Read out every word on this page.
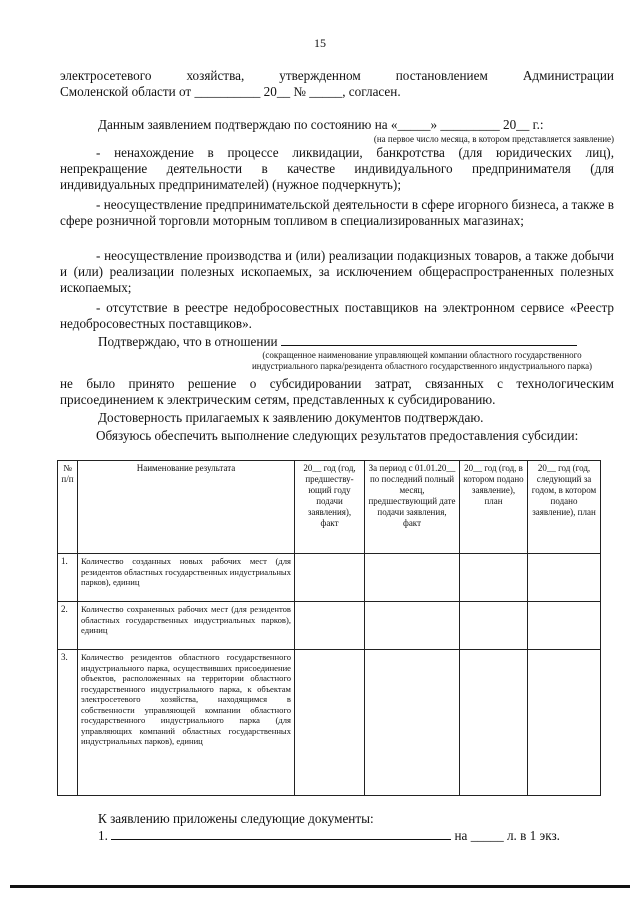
15
электросетевого хозяйства, утвержденном постановлением Администрации
Смоленской области от __________ 20__ № _____, согласен.
Данным заявлением подтверждаю по состоянию на «_____» _________ 20__ г.:
(на первое число месяца, в котором представляется заявление)
- ненахождение в процессе ликвидации, банкротства (для юридических лиц), непрекращение деятельности в качестве индивидуального предпринимателя (для индивидуальных предпринимателей) (нужное подчеркнуть);
- неосуществление предпринимательской деятельности в сфере игорного бизнеса, а также в сфере розничной торговли моторным топливом в специализированных магазинах;
- неосуществление производства и (или) реализации подакцизных товаров, а также добычи и (или) реализации полезных ископаемых, за исключением общераспространенных полезных ископаемых;
- отсутствие в реестре недобросовестных поставщиков на электронном сервисе «Реестр недобросовестных поставщиков».
Подтверждаю, что в отношении
(сокращенное наименование управляющей компании областного государственного индустриального парка/резидента областного государственного индустриального парка)
не было принято решение о субсидировании затрат, связанных с технологическим присоединением к электрическим сетям, представленных к субсидированию.
Достоверность прилагаемых к заявлению документов подтверждаю.
Обязуюсь обеспечить выполнение следующих результатов предоставления субсидии:
№ п/п	Наименование результата	20__ год (год, предшеству-ющий году подачи заявления), факт	За период с 01.01.20__ по последний полный месяц, предшествующий дате подачи заявления, факт	20__ год (год, в котором подано заявление), план	20__ год (год, следующий за годом, в котором подано заявление), план
1.	Количество созданных новых рабочих мест (для резидентов областных государственных индустриальных парков), единиц				
2.	Количество сохраненных рабочих мест (для резидентов областных государственных индустриальных парков), единиц				
3.	Количество резидентов областного государственного индустриального парка, осуществивших присоединение объектов, расположенных на территории областного государственного индустриального парка, к объектам электросетевого хозяйства, находящимся в собственности управляющей компании областного государственного индустриального парка (для управляющих компаний областных государственных индустриальных парков), единиц				
К заявлению приложены следующие документы:
1.	на _____ л. в 1 экз.
